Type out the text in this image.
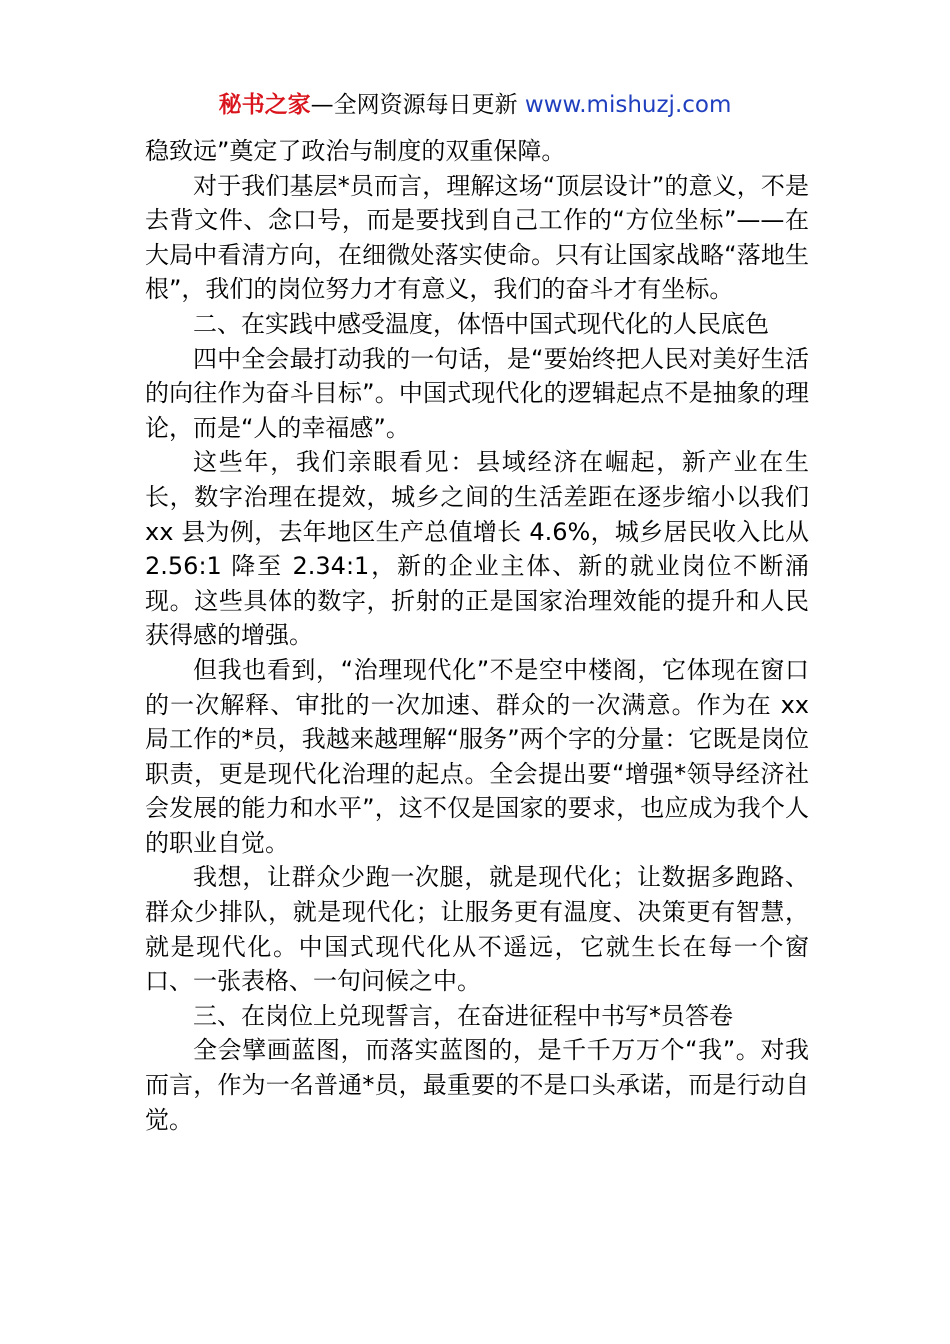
秘书之家—全网资源每日更新 www.mishuzj.com

稳致远”奠定了政治与制度的双重保障。

对于我们基层*员而言，理解这场“顶层设计”的意义，不是去背文件、念口号，而是要找到自己工作的“方位坐标”——在大局中看清方向，在细微处落实使命。只有让国家战略“落地生根”，我们的岗位努力才有意义，我们的奋斗才有坐标。

二、在实践中感受温度，体悟中国式现代化的人民底色

四中全会最打动我的一句话，是“要始终把人民对美好生活的向往作为奋斗目标”。中国式现代化的逻辑起点不是抽象的理论，而是“人的幸福感”。

这些年，我们亲眼看见：县域经济在崛起，新产业在生长，数字治理在提效，城乡之间的生活差距在逐步缩小以我们 xx 县为例，去年地区生产总值增长 4.6%，城乡居民收入比从 2.56:1 降至 2.34:1，新的企业主体、新的就业岗位不断涌现。这些具体的数字，折射的正是国家治理效能的提升和人民获得感的增强。

但我也看到，“治理现代化”不是空中楼阁，它体现在窗口的一次解释、审批的一次加速、群众的一次满意。作为在 xx 局工作的*员，我越来越理解“服务”两个字的分量：它既是岗位职责，更是现代化治理的起点。全会提出要“增强*领导经济社会发展的能力和水平”，这不仅是国家的要求，也应成为我个人的职业自觉。

我想，让群众少跑一次腿，就是现代化；让数据多跑路、群众少排队，就是现代化；让服务更有温度、决策更有智慧，就是现代化。中国式现代化从不遥远，它就生长在每一个窗口、一张表格、一句问候之中。

三、在岗位上兑现誓言，在奋进征程中书写*员答卷

全会擘画蓝图，而落实蓝图的，是千千万万个“我”。对我而言，作为一名普通*员，最重要的不是口头承诺，而是行动自觉。
